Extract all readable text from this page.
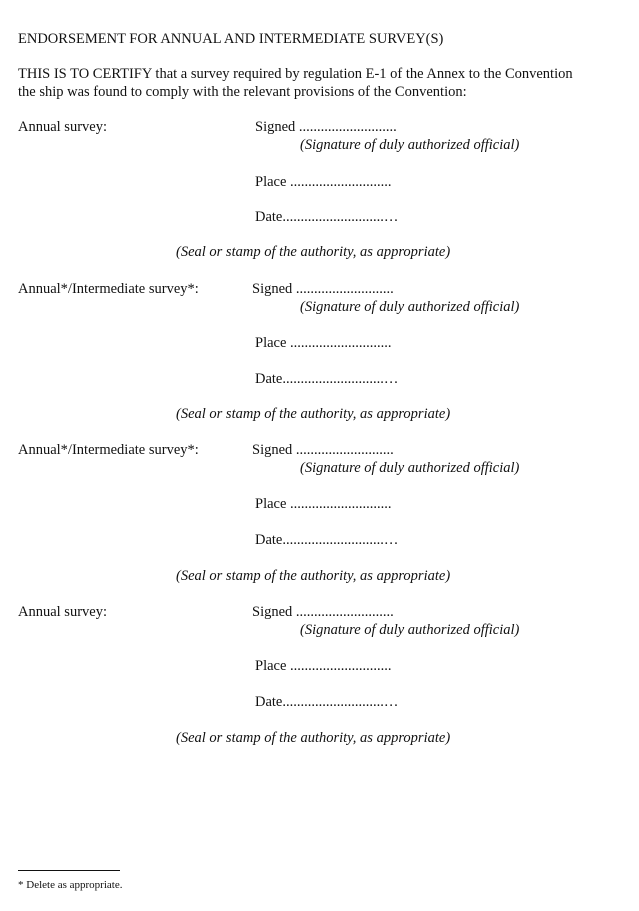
ENDORSEMENT FOR ANNUAL AND INTERMEDIATE SURVEY(S)
THIS IS TO CERTIFY that a survey required by regulation E-1 of the Annex to the Convention
the ship was found to comply with the relevant provisions of the Convention:
Annual survey:	Signed ...........................
(Signature of duly authorized official)
Place ............................
Date............................…
(Seal or stamp of the authority, as appropriate)
Annual*/Intermediate survey*:	Signed ...........................
(Signature of duly authorized official)
Place ............................
Date............................…
(Seal or stamp of the authority, as appropriate)
Annual*/Intermediate survey*:	Signed ...........................
(Signature of duly authorized official)
Place ............................
Date............................…
(Seal or stamp of the authority, as appropriate)
Annual survey:	Signed ...........................
(Signature of duly authorized official)
Place ............................
Date............................…
(Seal or stamp of the authority, as appropriate)
* Delete as appropriate.
